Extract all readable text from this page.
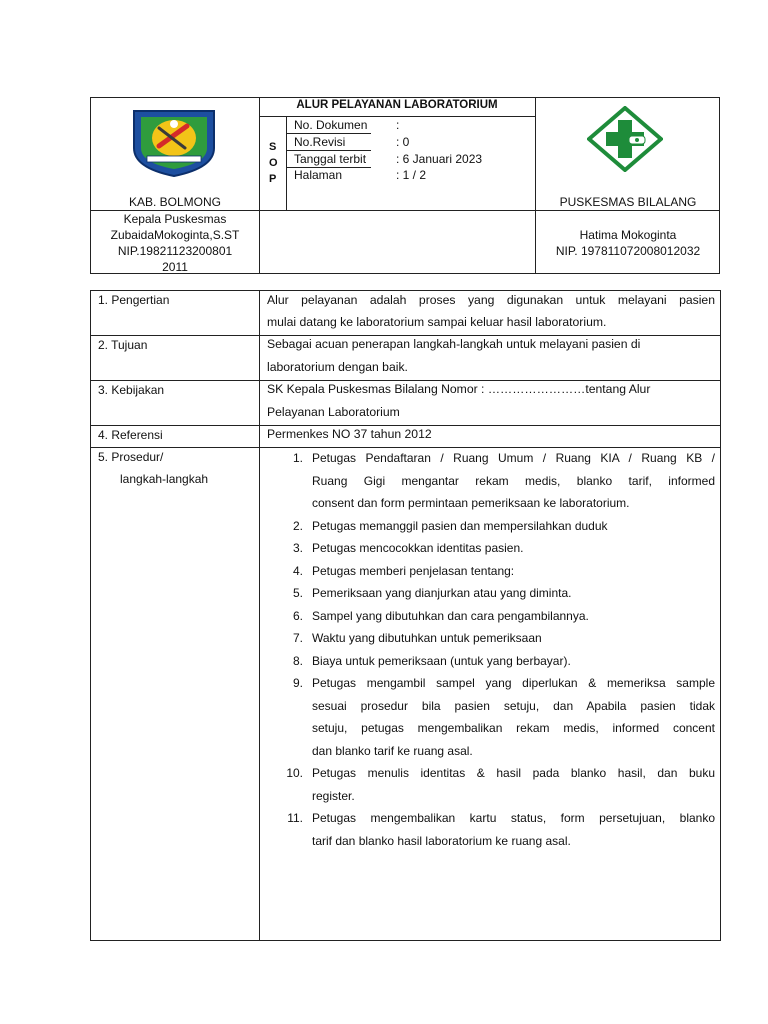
KAB. BOLMONG
ALUR PELAYANAN LABORATORIUM
S
O
P
No. Dokumen :
No.Revisi	: 0
Tanggal terbit : 6 Januari 2023
Halaman	: 1 / 2
PUSKESMAS BILALANG
Kepala Puskesmas
ZubaidaMokoginta,S.ST
NIP.19821123200801
2011
Hatima Mokoginta
NIP. 197811072008012032
1. Pengertian	Alur pelayanan adalah proses yang digunakan untuk melayani pasien
mulai datang ke laboratorium sampai keluar hasil laboratorium.
2. Tujuan	Sebagai acuan penerapan langkah-langkah untuk melayani pasien di
laboratorium dengan baik.
3. Kebijakan	SK Kepala Puskesmas Bilalang Nomor : ……………………tentang Alur
Pelayanan Laboratorium
4. Referensi	Permenkes NO 37 tahun 2012
5. Prosedur/
langkah-langkah
1. Petugas Pendaftaran / Ruang Umum / Ruang KIA / Ruang KB /
Ruang Gigi mengantar rekam medis, blanko tarif, informed
consent dan form permintaan pemeriksaan ke laboratorium.
2. Petugas memanggil pasien dan mempersilahkan duduk
3. Petugas mencocokkan identitas pasien.
4. Petugas memberi penjelasan tentang:
5. Pemeriksaan yang dianjurkan atau yang diminta.
6. Sampel yang dibutuhkan dan cara pengambilannya.
7. Waktu yang dibutuhkan untuk pemeriksaan
8. Biaya untuk pemeriksaan (untuk yang berbayar).
9. Petugas mengambil sampel yang diperlukan & memeriksa sample
sesuai prosedur bila pasien setuju, dan Apabila pasien tidak
setuju, petugas mengembalikan rekam medis, informed concent
dan blanko tarif ke ruang asal.
10. Petugas menulis identitas & hasil pada blanko hasil, dan buku
register.
11. Petugas mengembalikan kartu status, form persetujuan, blanko
tarif dan blanko hasil laboratorium ke ruang asal.
